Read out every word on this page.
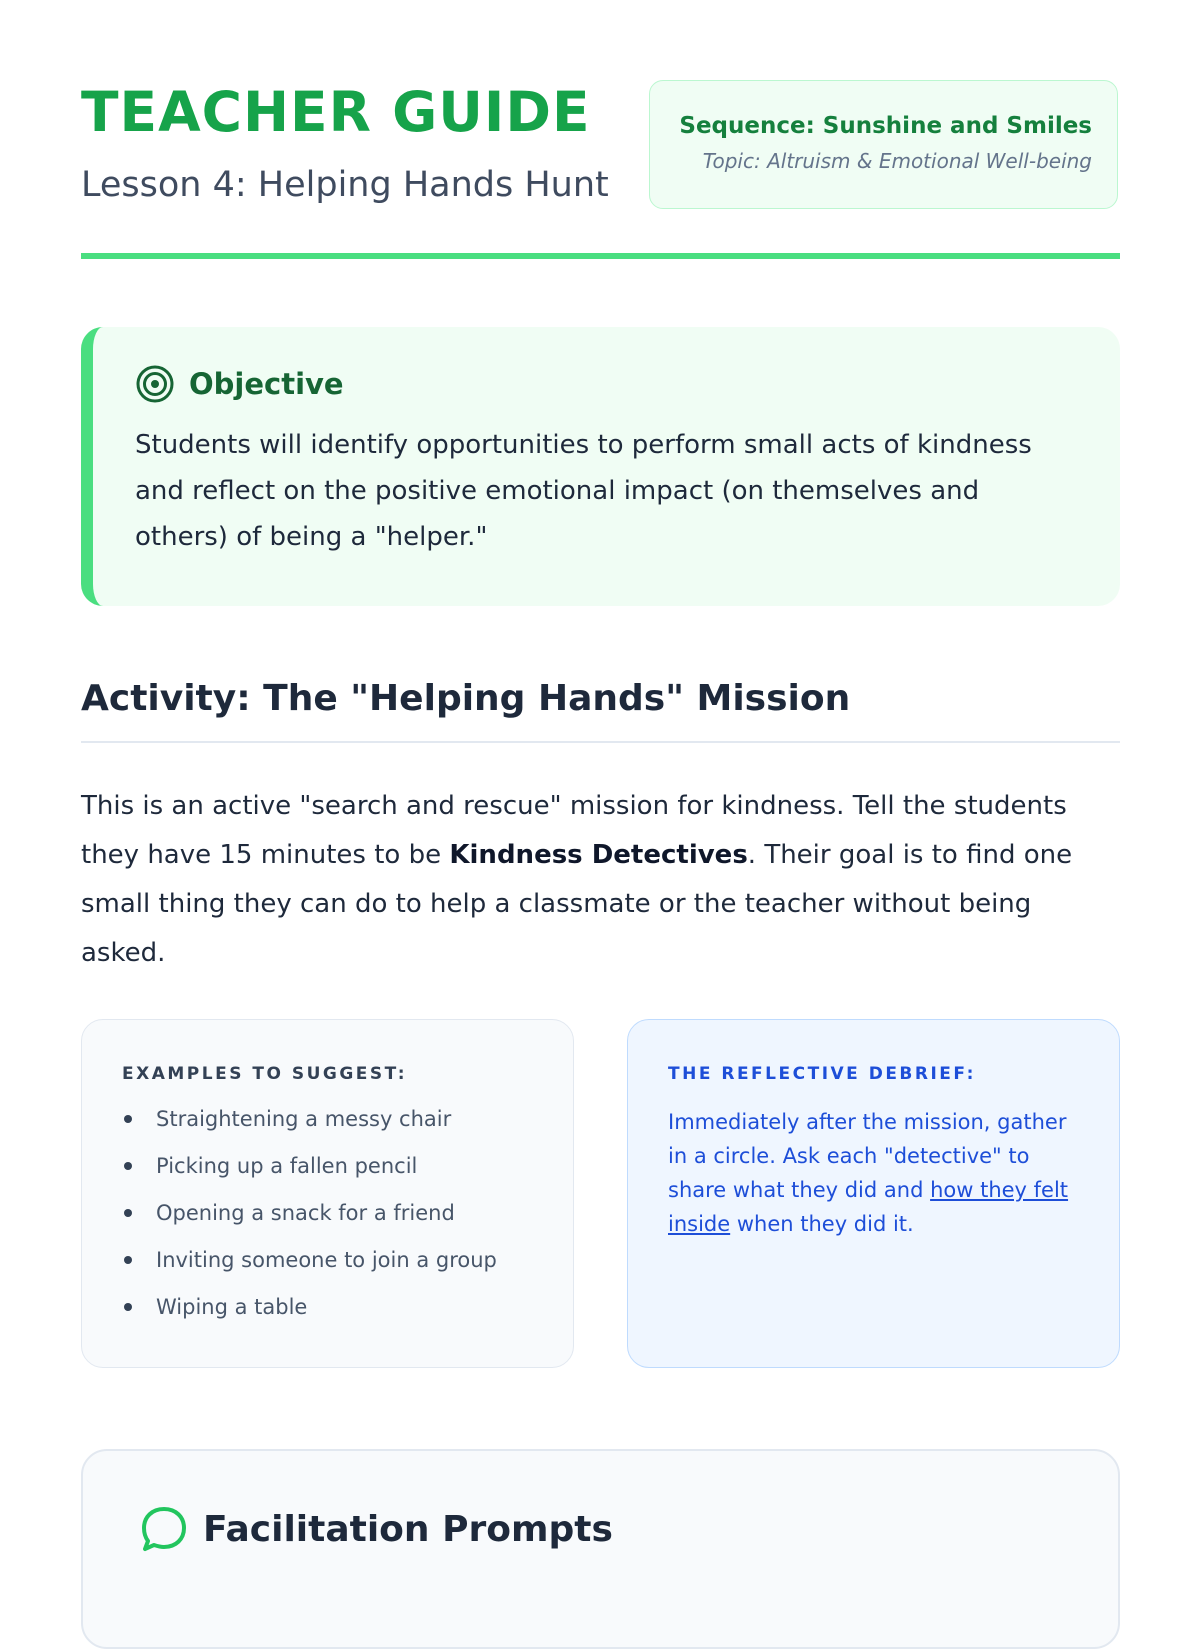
TEACHER GUIDE
Lesson 4: Helping Hands Hunt
Sequence: Sunshine and Smiles
Topic: Altruism & Emotional Well-being
Objective

Students will identify opportunities to perform small acts of kindness and reflect on the positive emotional impact (on themselves and others) of being a "helper."

Activity: The "Helping Hands" Mission

This is an active "search and rescue" mission for kindness. Tell the students they have 15 minutes to be Kindness Detectives. Their goal is to find one small thing they can do to help a classmate or the teacher without being asked.

EXAMPLES TO SUGGEST:
Straightening a messy chair
Picking up a fallen pencil
Opening a snack for a friend
Inviting someone to join a group
Wiping a table
THE REFLECTIVE DEBRIEF:
Immediately after the mission, gather in a circle. Ask each "detective" to share what they did and how they felt inside when they did it.
Facilitation Prompts
